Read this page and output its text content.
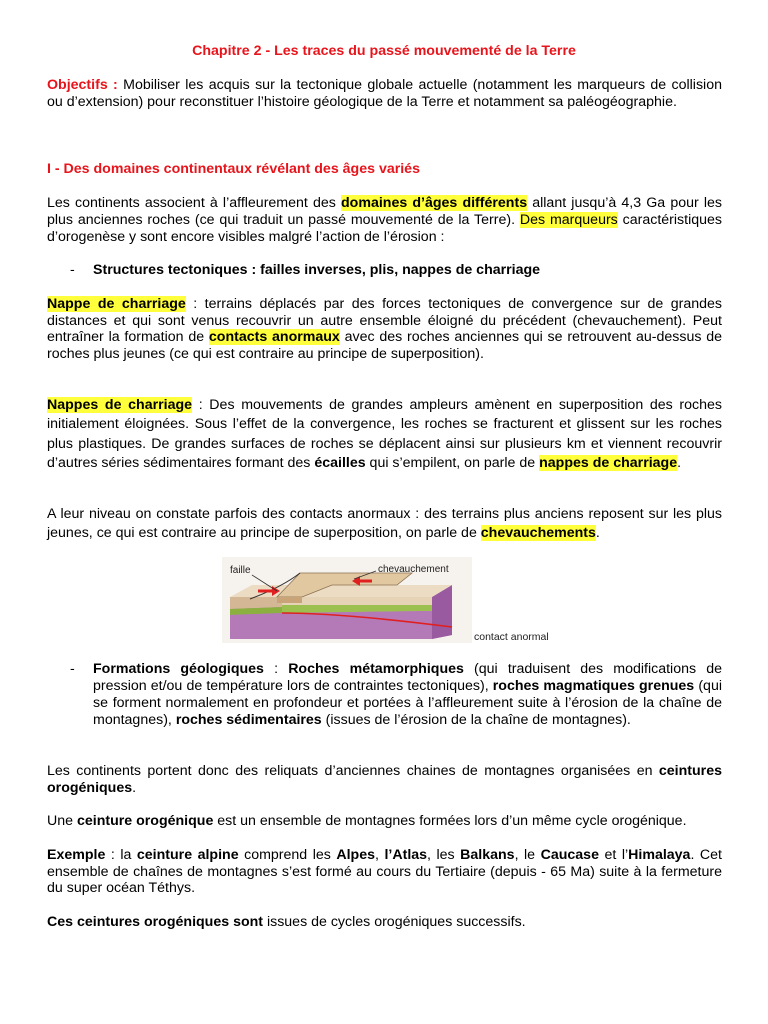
Chapitre 2 - Les traces du passé mouvementé de la Terre
Objectifs : Mobiliser les acquis sur la tectonique globale actuelle (notamment les marqueurs de collision ou d’extension) pour reconstituer l’histoire géologique de la Terre et notamment sa paléogéographie.
I - Des domaines continentaux révélant des âges variés
Les continents associent à l’affleurement des domaines d’âges différents allant jusqu’à 4,3 Ga pour les plus anciennes roches (ce qui traduit un passé mouvementé de la Terre). Des marqueurs caractéristiques d’orogenèse y sont encore visibles malgré l’action de l’érosion :
- Structures tectoniques : failles inverses, plis, nappes de charriage
Nappe de charriage : terrains déplacés par des forces tectoniques de convergence sur de grandes distances et qui sont venus recouvrir un autre ensemble éloigné du précédent (chevauchement). Peut entraîner la formation de contacts anormaux avec des roches anciennes qui se retrouvent au-dessus de roches plus jeunes (ce qui est contraire au principe de superposition).
Nappes de charriage : Des mouvements de grandes ampleurs amènent en superposition des roches initialement éloignées. Sous l’effet de la convergence, les roches se fracturent et glissent sur les roches plus plastiques. De grandes surfaces de roches se déplacent ainsi sur plusieurs km et viennent recouvrir d’autres séries sédimentaires formant des écailles qui s’empilent, on parle de nappes de charriage.
A leur niveau on constate parfois des contacts anormaux : des terrains plus anciens reposent sur les plus jeunes, ce qui est contraire au principe de superposition, on parle de chevauchements.
faille	chevauchement
contact anormal
- Formations géologiques : Roches métamorphiques (qui traduisent des modifications de pression et/ou de température lors de contraintes tectoniques), roches magmatiques grenues (qui se forment normalement en profondeur et portées à l’affleurement suite à l’érosion de la chaîne de montagnes), roches sédimentaires (issues de l’érosion de la chaîne de montagnes).
Les continents portent donc des reliquats d’anciennes chaines de montagnes organisées en ceintures orogéniques.
Une ceinture orogénique est un ensemble de montagnes formées lors d’un même cycle orogénique.
Exemple : la ceinture alpine comprend les Alpes, l’Atlas, les Balkans, le Caucase et l’Himalaya. Cet ensemble de chaînes de montagnes s’est formé au cours du Tertiaire (depuis - 65 Ma) suite à la fermeture du super océan Téthys.
Ces ceintures orogéniques sont issues de cycles orogéniques successifs.
